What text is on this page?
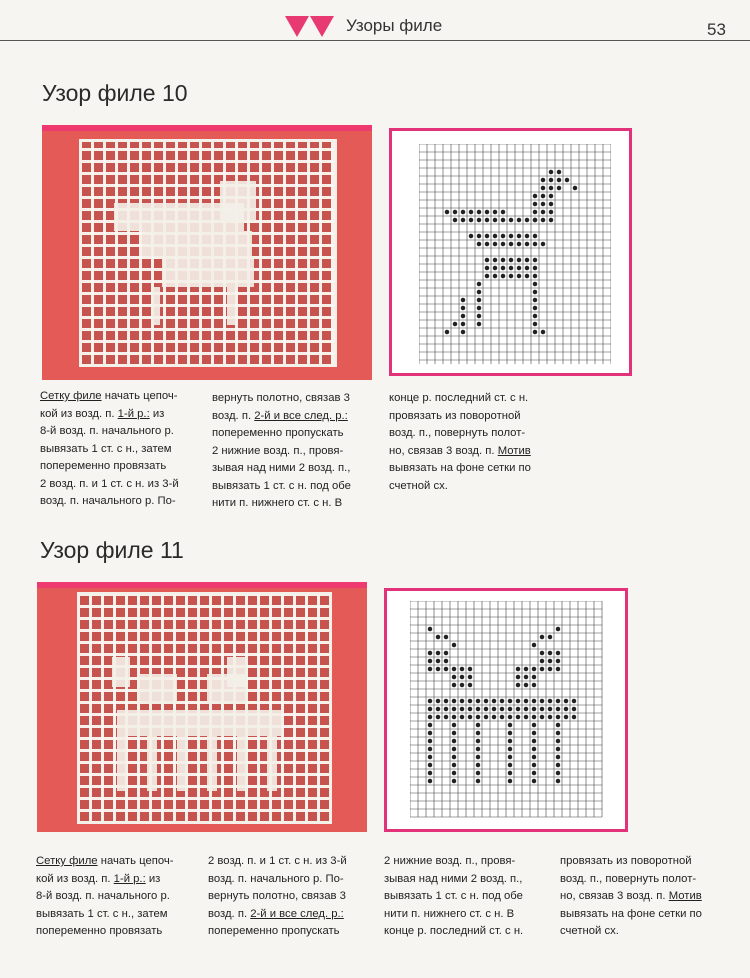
Узоры филе	53
Узор филе 10
Сетку филе начать цепоч-
кой из возд. п. 1-й р.: из
8-й возд. п. начального р.
вывязать 1 ст. с н., затем
попеременно провязать
2 возд. п. и 1 ст. с н. из 3-й
возд. п. начального р. По-
вернуть полотно, связав 3
возд. п. 2-й и все след. р.:
попеременно пропускать
2 нижние возд. п., провя-
зывая над ними 2 возд. п.,
вывязать 1 ст. с н. под обе
нити п. нижнего ст. с н. В
конце р. последний ст. с н.
провязать из поворотной
возд. п., повернуть полот-
но, связав 3 возд. п. Мотив
вывязать на фоне сетки по
счетной сх.
Узор филе 11
Сетку филе начать цепоч-
кой из возд. п. 1-й р.: из
8-й возд. п. начального р.
вывязать 1 ст. с н., затем
попеременно провязать
2 возд. п. и 1 ст. с н. из 3-й
возд. п. начального р. По-
вернуть полотно, связав 3
возд. п. 2-й и все след. р.:
попеременно пропускать
2 нижние возд. п., провя-
зывая над ними 2 возд. п.,
вывязать 1 ст. с н. под обе
нити п. нижнего ст. с н. В
конце р. последний ст. с н.
провязать из поворотной
возд. п., повернуть полот-
но, связав 3 возд. п. Мотив
вывязать на фоне сетки по
счетной сх.
